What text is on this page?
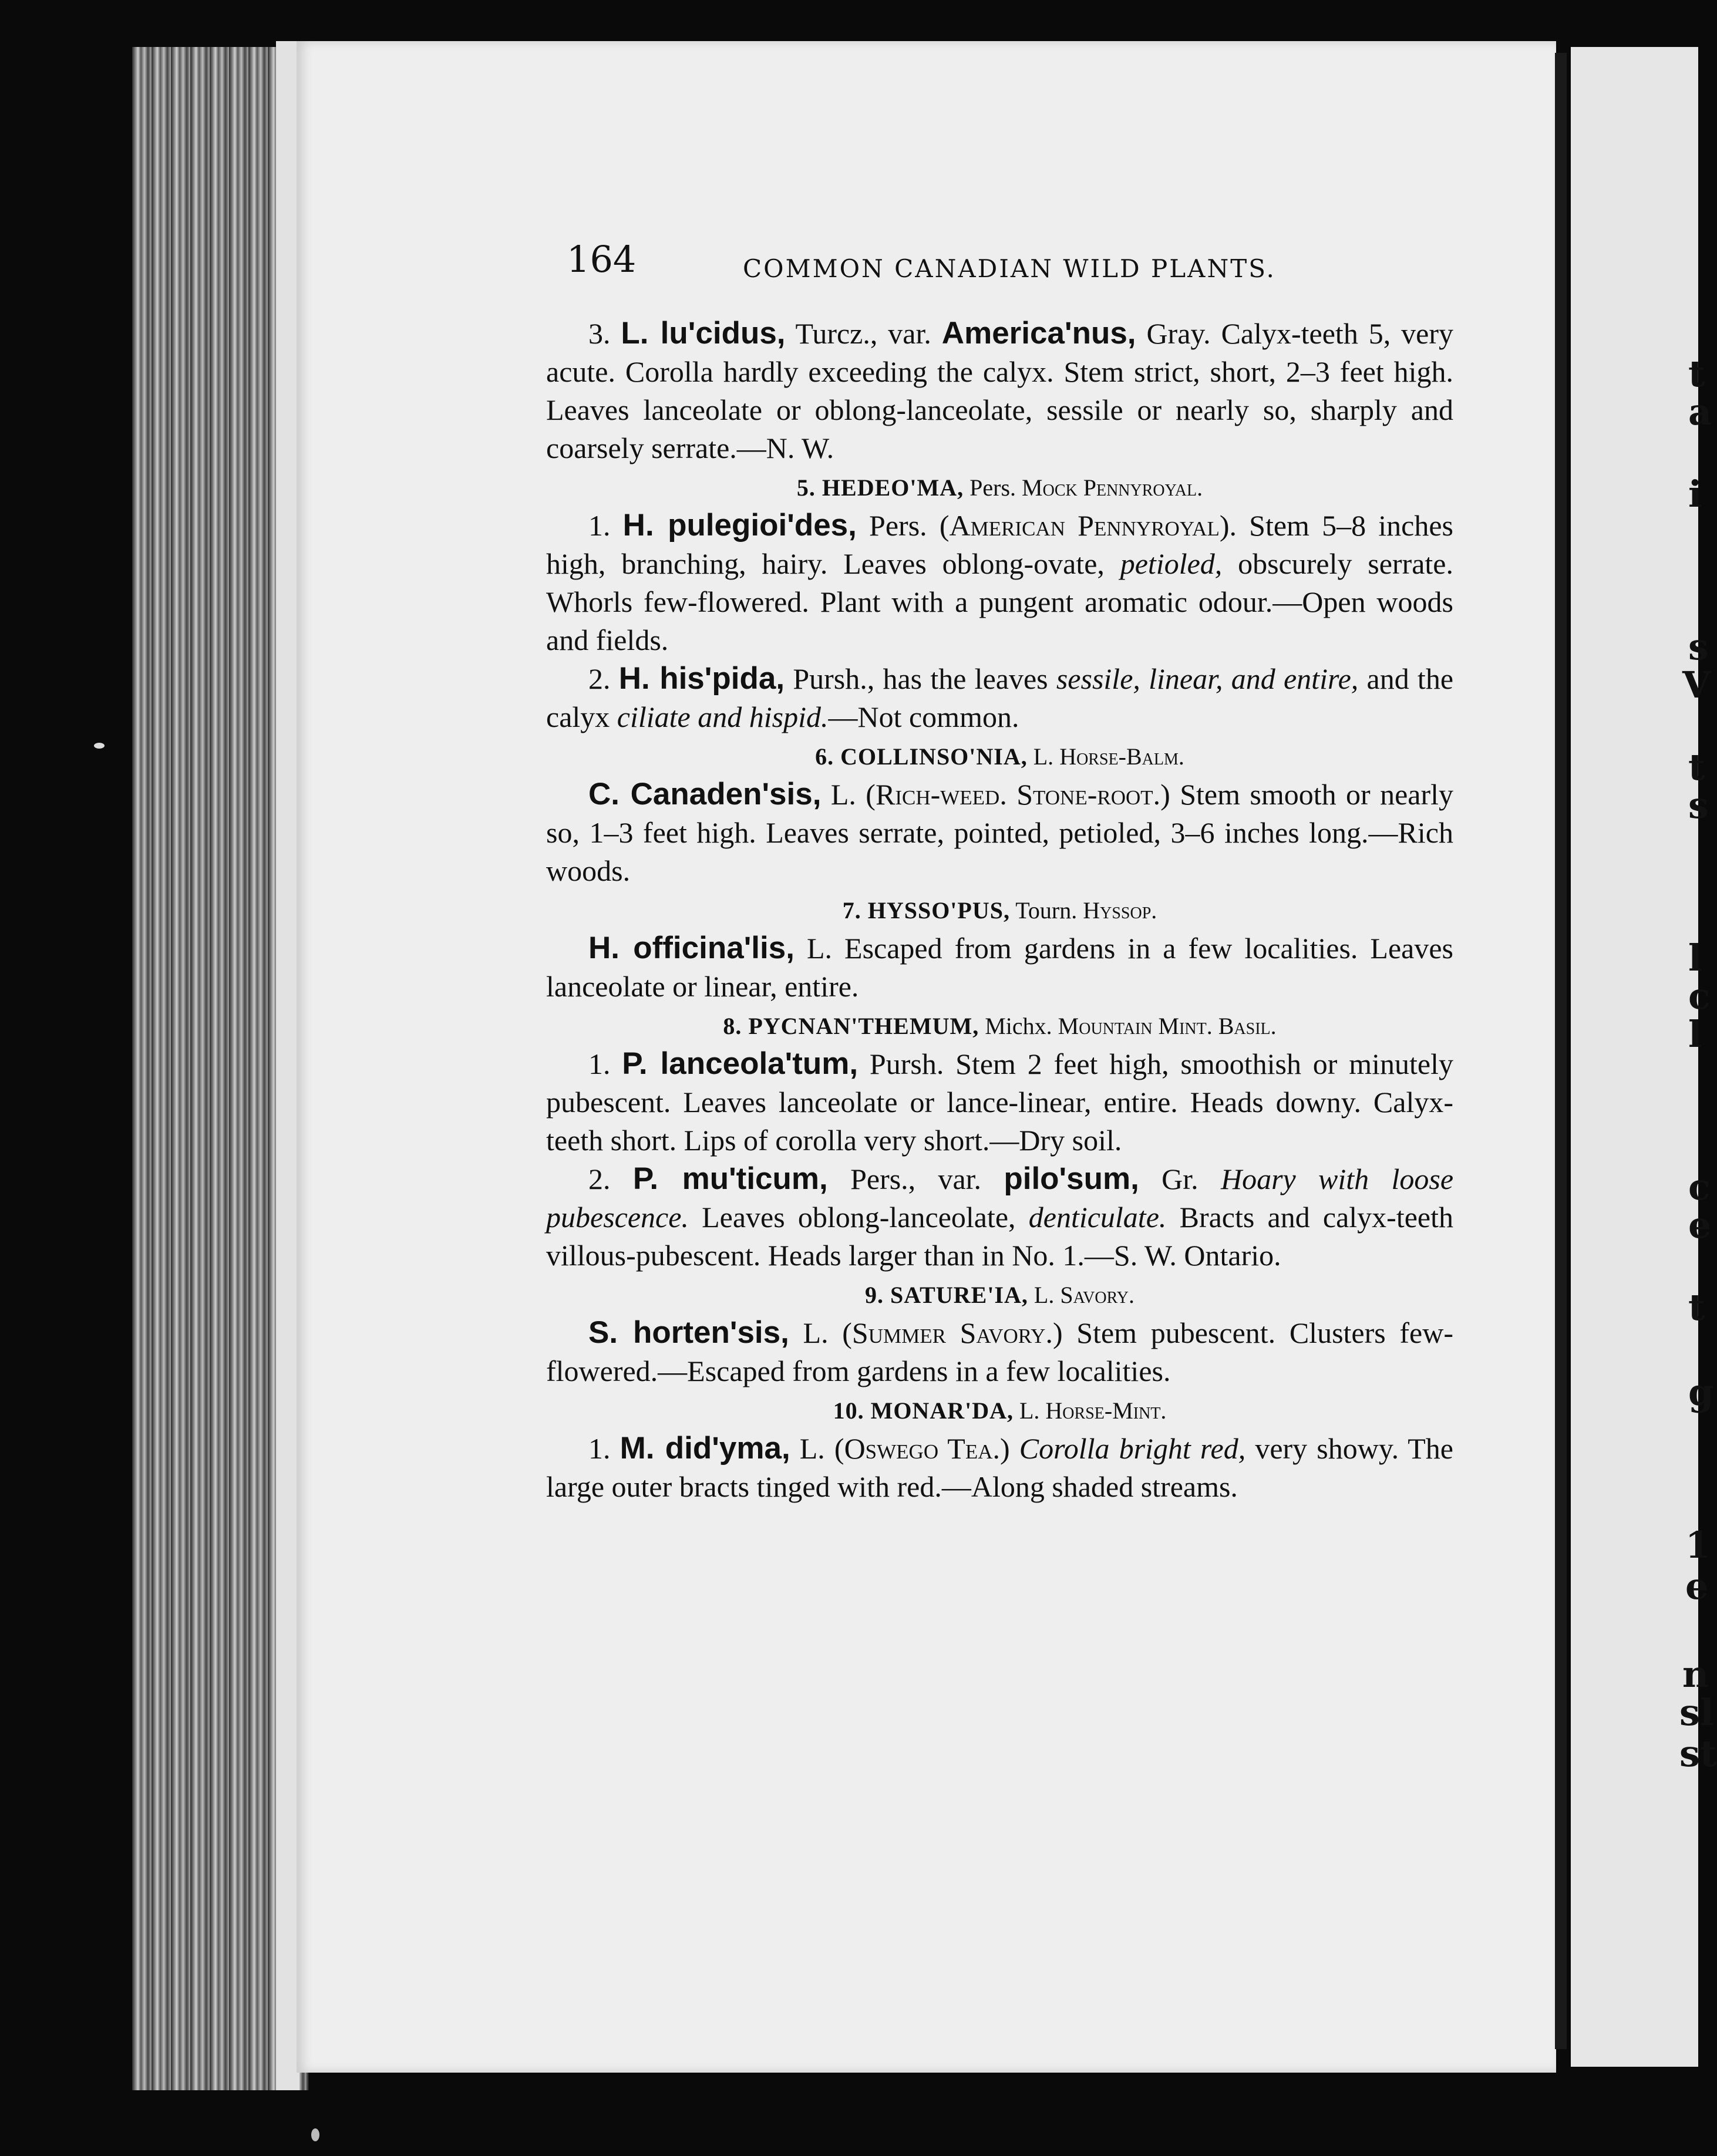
t
a
i
s
V
t
s
l
c
l
c
e
t
g
1
e
n
sl
st
164	COMMON CANADIAN WILD PLANTS.

3. L. lu'cidus, Turcz., var. America'nus, Gray. Calyx-teeth 5, very acute. Corolla hardly exceeding the calyx. Stem strict, short, 2–3 feet high. Leaves lanceolate or oblong-lanceolate, sessile or nearly so, sharply and coarsely serrate.—N. W.

5. HEDEO'MA, Pers. Mock Pennyroyal.

1. H. pulegioi'des, Pers. (American Pennyroyal). Stem 5–8 inches high, branching, hairy. Leaves oblong-ovate, petioled, obscurely serrate. Whorls few-flowered. Plant with a pungent aromatic odour.—Open woods and fields.

2. H. his'pida, Pursh., has the leaves sessile, linear, and entire, and the calyx ciliate and hispid.—Not common.

6. COLLINSO'NIA, L. Horse-Balm.

C. Canaden'sis, L. (Rich-weed. Stone-root.) Stem smooth or nearly so, 1–3 feet high. Leaves serrate, pointed, petioled, 3–6 inches long.—Rich woods.

7. HYSSO'PUS, Tourn. Hyssop.

H. officina'lis, L. Escaped from gardens in a few localities. Leaves lanceolate or linear, entire.

8. PYCNAN'THEMUM, Michx. Mountain Mint. Basil.

1. P. lanceola'tum, Pursh. Stem 2 feet high, smoothish or minutely pubescent. Leaves lanceolate or lance-linear, entire. Heads downy. Calyx-teeth short. Lips of corolla very short.—Dry soil.

2. P. mu'ticum, Pers., var. pilo'sum, Gr. Hoary with loose pubescence. Leaves oblong-lanceolate, denticulate. Bracts and calyx-teeth villous-pubescent. Heads larger than in No. 1.—S. W. Ontario.

9. SATURE'IA, L. Savory.

S. horten'sis, L. (Summer Savory.) Stem pubescent. Clusters few-flowered.—Escaped from gardens in a few localities.

10. MONAR'DA, L. Horse-Mint.

1. M. did'yma, L. (Oswego Tea.) Corolla bright red, very showy. The large outer bracts tinged with red.—Along shaded streams.
